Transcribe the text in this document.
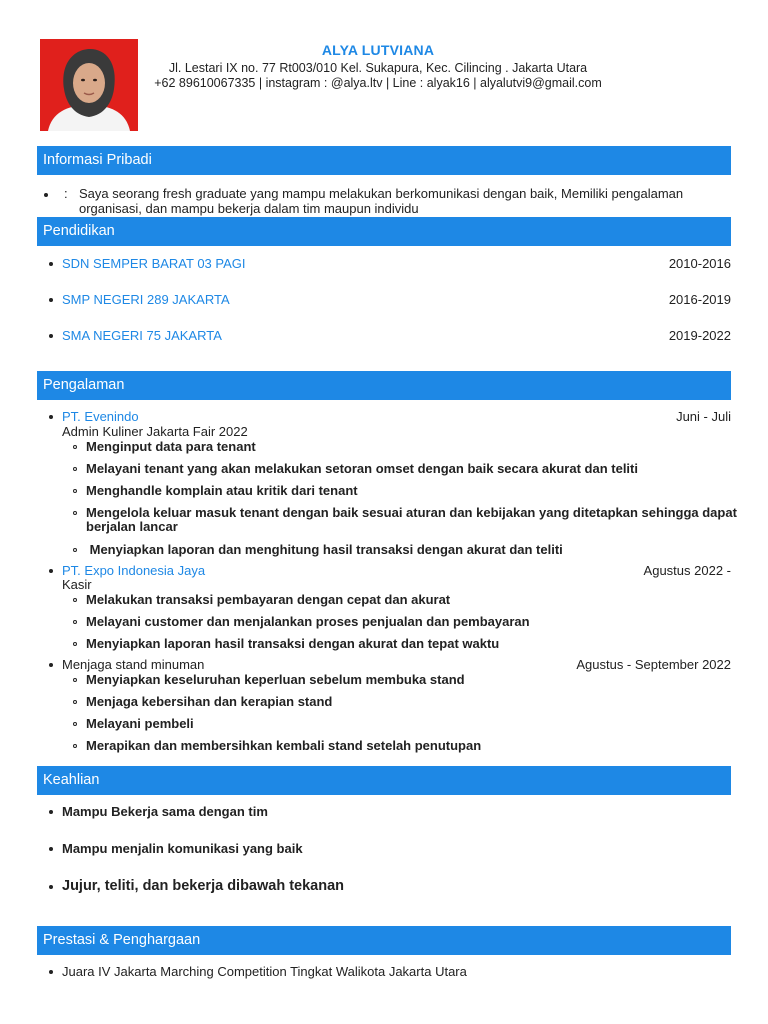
ALYA LUTVIANA
Jl. Lestari IX no. 77 Rt003/010 Kel. Sukapura, Kec. Cilincing . Jakarta Utara
+62 89610067335 | instagram : @alya.ltv | Line : alyak16 | alyalutvi9@gmail.com
Informasi Pribadi
: Saya seorang fresh graduate yang mampu melakukan berkomunikasi dengan baik, Memiliki pengalaman
organisasi, dan mampu bekerja dalam tim maupun individu
Pendidikan
SDN SEMPER BARAT 03 PAGI	2010-2016
SMP NEGERI 289 JAKARTA	2016-2019
SMA NEGERI 75 JAKARTA	2019-2022
Pengalaman
PT. Evenindo	Juni - Juli
Admin Kuliner Jakarta Fair 2022
Menginput data para tenant
Melayani tenant yang akan melakukan setoran omset dengan baik secara akurat dan teliti
Menghandle komplain atau kritik dari tenant
Mengelola keluar masuk tenant dengan baik sesuai aturan dan kebijakan yang ditetapkan sehingga dapat
berjalan lancar
Menyiapkan laporan dan menghitung hasil transaksi dengan akurat dan teliti
PT. Expo Indonesia Jaya	Agustus 2022 -
Kasir
Melakukan transaksi pembayaran dengan cepat dan akurat
Melayani customer dan menjalankan proses penjualan dan pembayaran
Menyiapkan laporan hasil transaksi dengan akurat dan tepat waktu
Menjaga stand minuman	Agustus - September 2022
Menyiapkan keseluruhan keperluan sebelum membuka stand
Menjaga kebersihan dan kerapian stand
Melayani pembeli
Merapikan dan membersihkan kembali stand setelah penutupan
Keahlian
Mampu Bekerja sama dengan tim
Mampu menjalin komunikasi yang baik
Jujur, teliti, dan bekerja dibawah tekanan
Prestasi & Penghargaan
Juara IV Jakarta Marching Competition Tingkat Walikota Jakarta Utara
